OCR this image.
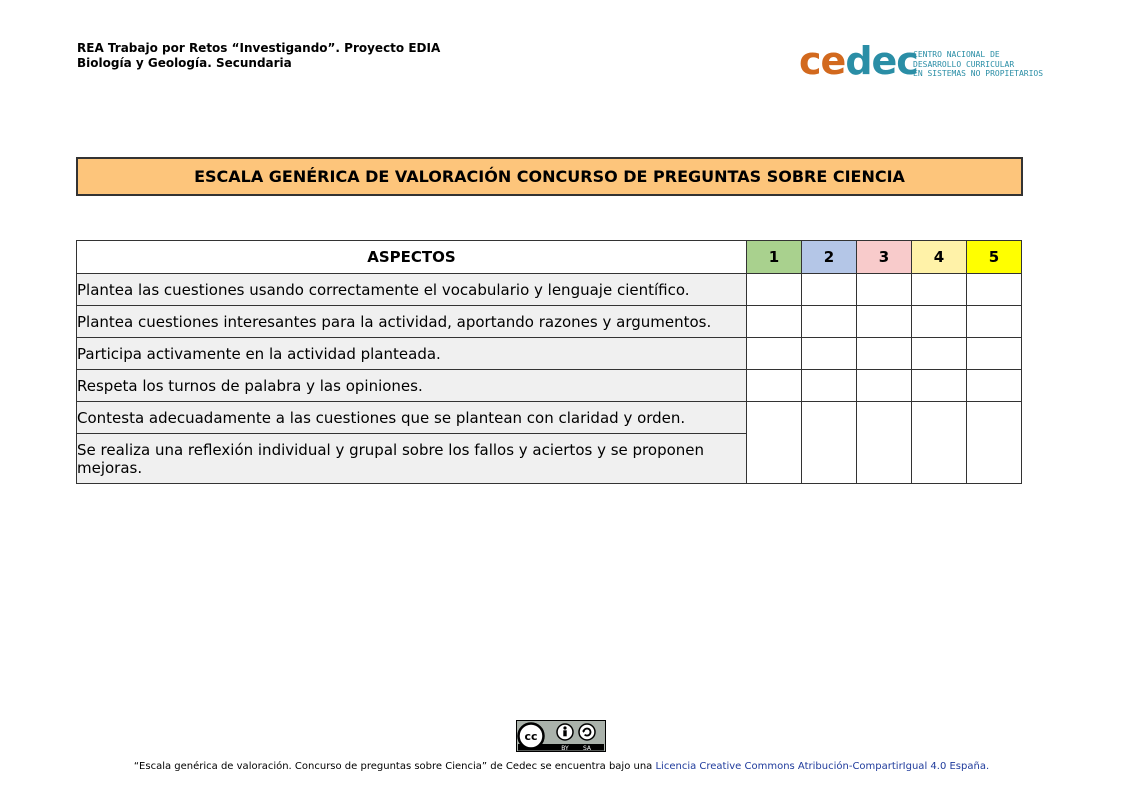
REA Trabajo por Retos “Investigando”. Proyecto EDIA
Biología y Geología. Secundaria	cedec
CENTRO NACIONAL DE
DESARROLLO CURRICULAR
EN SISTEMAS NO PROPIETARIOS
ESCALA GENÉRICA DE VALORACIÓN CONCURSO DE PREGUNTAS SOBRE CIENCIA
ASPECTOS	1	2	3	4	5
Plantea las cuestiones usando correctamente el vocabulario y lenguaje científico.					
Plantea cuestiones interesantes para la actividad, aportando razones y argumentos.					
Participa activamente en la actividad planteada.					
Respeta los turnos de palabra y las opiniones.					
Contesta adecuadamente a las cuestiones que se plantean con claridad y orden.					
Se realiza una reflexión individual y grupal sobre los fallos y aciertos y se proponen mejoras.					
cc
BY SA
“Escala genérica de valoración. Concurso de preguntas sobre Ciencia” de Cedec se encuentra bajo una Licencia Creative Commons Atribución-CompartirIgual 4.0 España.
